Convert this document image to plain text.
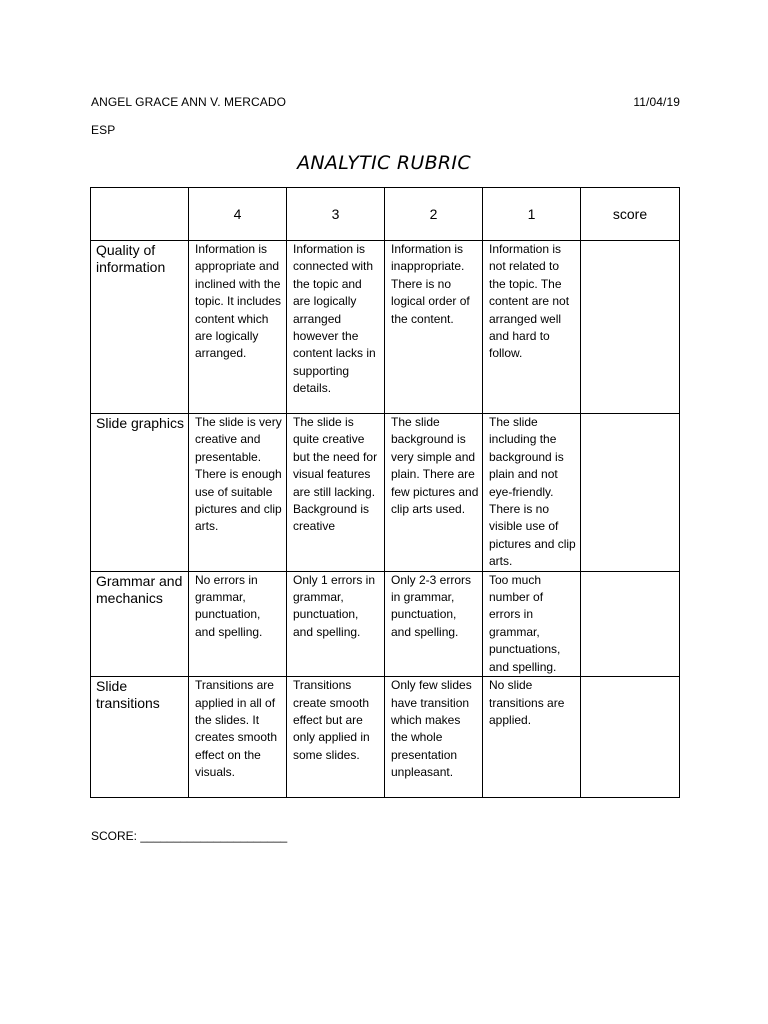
ANGEL GRACE ANN V. MERCADO	11/04/19
ESP
ANALYTIC RUBRIC
	4	3	2	1	score

Quality of information	Information is appropriate and inclined with the topic. It includes content which are logically arranged.	Information is connected with the topic and are logically arranged however the content lacks in supporting details.	Information is inappropriate. There is no logical order of the content.	Information is not related to the topic. The content are not arranged well and hard to follow.	

Slide graphics	The slide is very creative and presentable. There is enough use of suitable pictures and clip arts.	The slide is quite creative but the need for visual features are still lacking. Background is creative	The slide background is very simple and plain. There are few pictures and clip arts used.	The slide including the background is plain and not eye-friendly. There is no visible use of pictures and clip arts.	

Grammar and mechanics	No errors in grammar, punctuation, and spelling.	Only 1 errors in grammar, punctuation, and spelling.	Only 2-3 errors in grammar, punctuation, and spelling.	Too much number of errors in grammar, punctuations, and spelling.	

Slide transitions	Transitions are applied in all of the slides. It creates smooth effect on the visuals.	Transitions create smooth effect but are only applied in some slides.	Only few slides have transition which makes the whole presentation unpleasant.	No slide transitions are applied.	

SCORE: ______________________
